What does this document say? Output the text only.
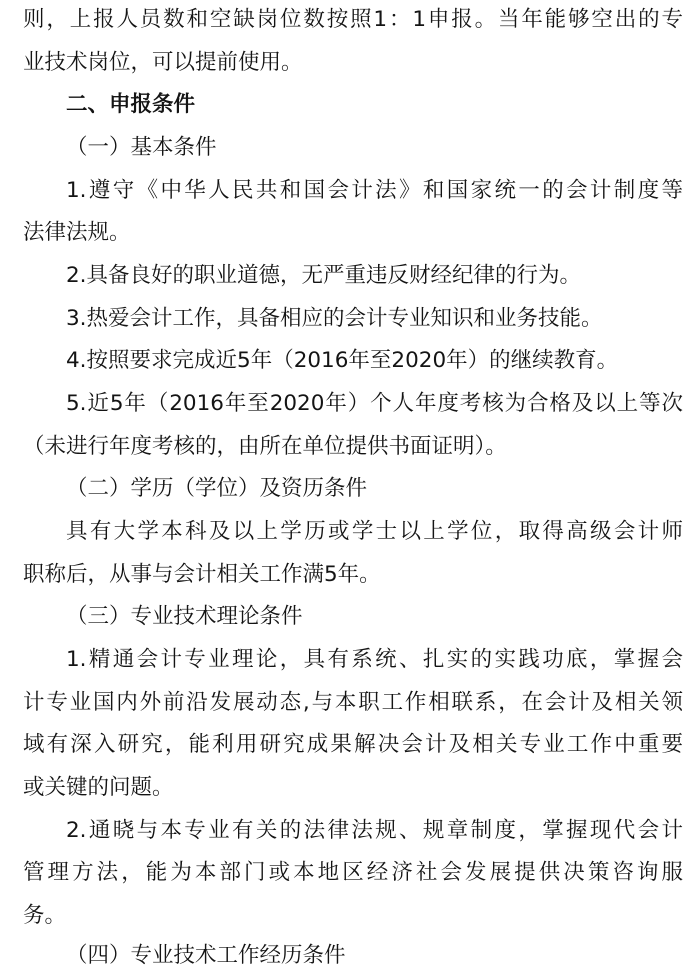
则，上报人员数和空缺岗位数按照1：1申报。当年能够空出的专
业技术岗位，可以提前使用。
二、申报条件
（一）基本条件
1.遵守《中华人民共和国会计法》和国家统一的会计制度等
法律法规。
2.具备良好的职业道德，无严重违反财经纪律的行为。
3.热爱会计工作，具备相应的会计专业知识和业务技能。
4.按照要求完成近5年（2016年至2020年）的继续教育。
5.近5年（2016年至2020年）个人年度考核为合格及以上等次
（未进行年度考核的，由所在单位提供书面证明）。
（二）学历（学位）及资历条件
具有大学本科及以上学历或学士以上学位，取得高级会计师
职称后，从事与会计相关工作满5年。
（三）专业技术理论条件
1.精通会计专业理论，具有系统、扎实的实践功底，掌握会
计专业国内外前沿发展动态,与本职工作相联系，在会计及相关领
域有深入研究，能利用研究成果解决会计及相关专业工作中重要
或关键的问题。
2.通晓与本专业有关的法律法规、规章制度，掌握现代会计
管理方法，能为本部门或本地区经济社会发展提供决策咨询服
务。
（四）专业技术工作经历条件
